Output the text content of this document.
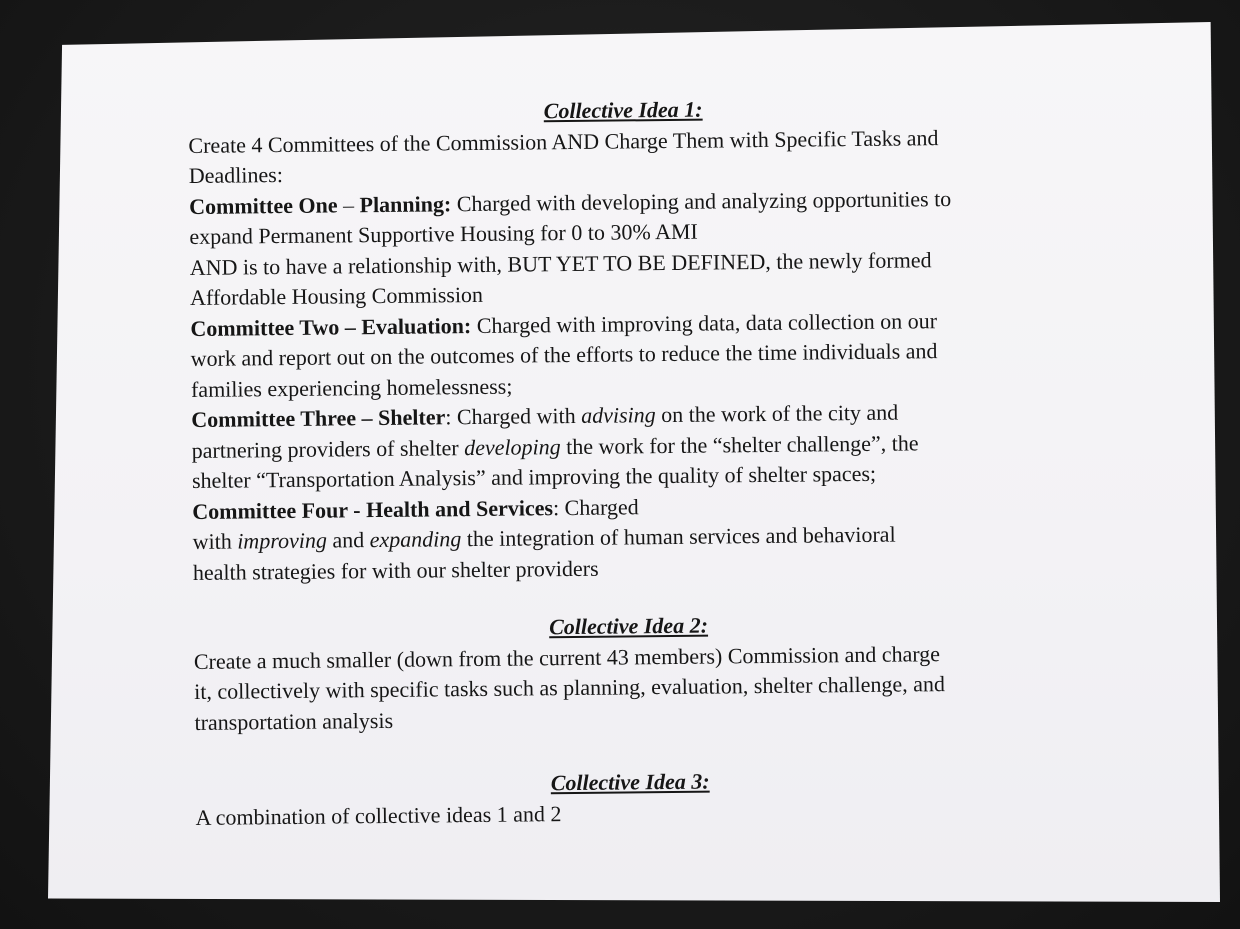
Collective Idea 1:
Create 4 Committees of the Commission AND Charge Them with Specific Tasks and
Deadlines:
Committee One – Planning: Charged with developing and analyzing opportunities to
expand Permanent Supportive Housing for 0 to 30% AMI
AND is to have a relationship with, BUT YET TO BE DEFINED, the newly formed
Affordable Housing Commission
Committee Two – Evaluation: Charged with improving data, data collection on our
work and report out on the outcomes of the efforts to reduce the time individuals and
families experiencing homelessness;
Committee Three – Shelter: Charged with advising on the work of the city and
partnering providers of shelter developing the work for the “shelter challenge”, the
shelter “Transportation Analysis” and improving the quality of shelter spaces;
Committee Four - Health and Services: Charged
with improving and expanding the integration of human services and behavioral
health strategies for with our shelter providers
Collective Idea 2:
Create a much smaller (down from the current 43 members) Commission and charge
it, collectively with specific tasks such as planning, evaluation, shelter challenge, and
transportation analysis
Collective Idea 3:
A combination of collective ideas 1 and 2
